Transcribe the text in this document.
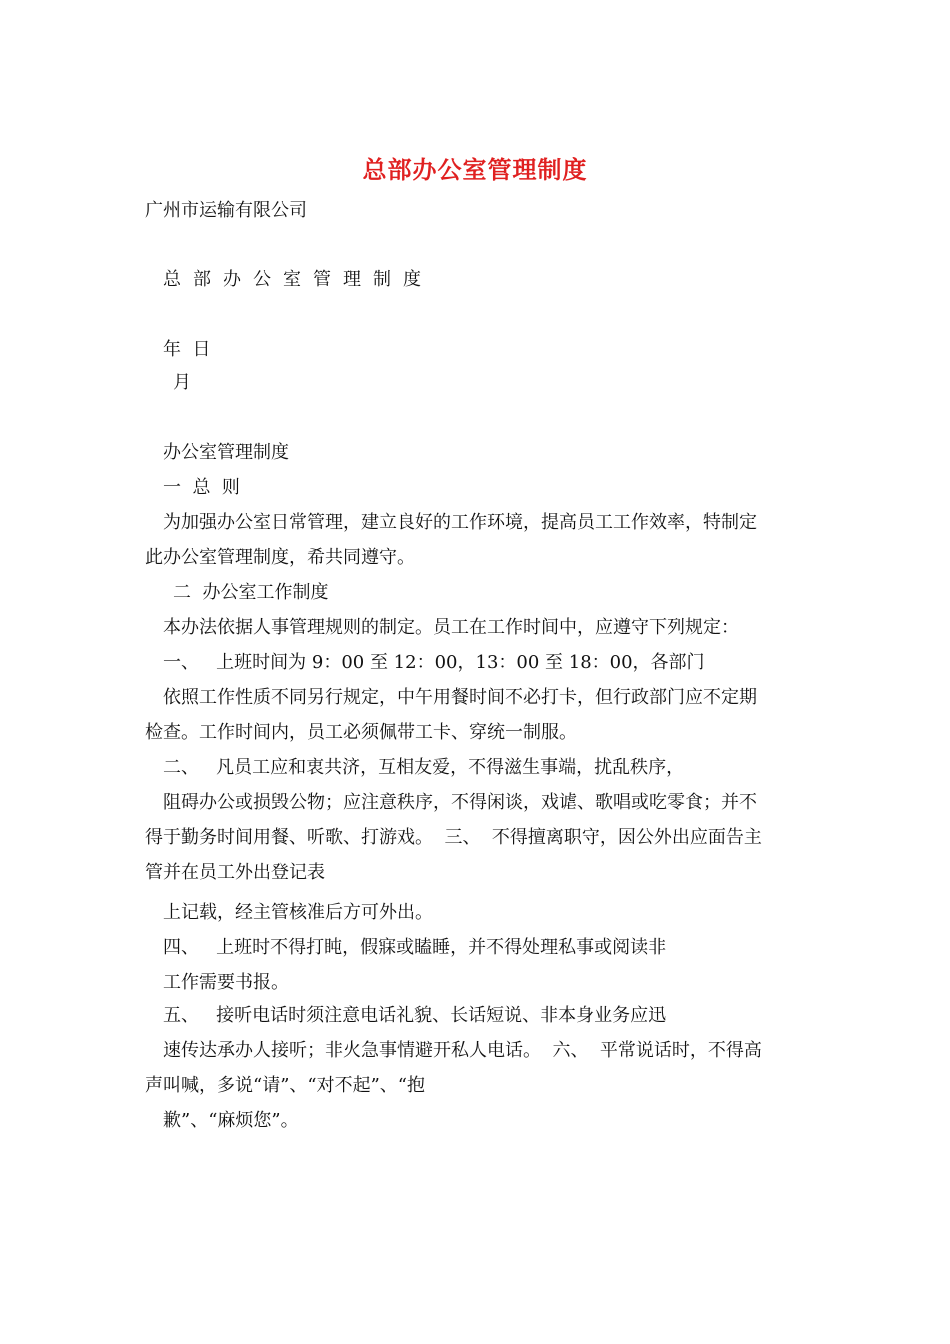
总部办公室管理制度
广州市运输有限公司
总部办公室管理制度
年  日
月
办公室管理制度
一  总  则
为加强办公室日常管理，建立良好的工作环境，提高员工工作效率，特制定
此办公室管理制度，希共同遵守。
二  办公室工作制度
本办法依据人事管理规则的制定。员工在工作时间中，应遵守下列规定：
一、   上班时间为 9：00 至 12：00，13：00 至 18：00，各部门
依照工作性质不同另行规定，中午用餐时间不必打卡，但行政部门应不定期
检查。工作时间内，员工必须佩带工卡、穿统一制服。
二、   凡员工应和衷共济，互相友爱，不得滋生事端，扰乱秩序，
阻碍办公或损毁公物；应注意秩序，不得闲谈，戏谑、歌唱或吃零食；并不
得于勤务时间用餐、听歌、打游戏。  三、  不得擅离职守，因公外出应面告主
管并在员工外出登记表
上记载，经主管核准后方可外出。
四、   上班时不得打盹，假寐或瞌睡，并不得处理私事或阅读非
工作需要书报。
五、   接听电话时须注意电话礼貌、长话短说、非本身业务应迅
速传达承办人接听；非火急事情避开私人电话。  六、  平常说话时，不得高
声叫喊，多说“请”、“对不起”、“抱
歉”、“麻烦您”。
